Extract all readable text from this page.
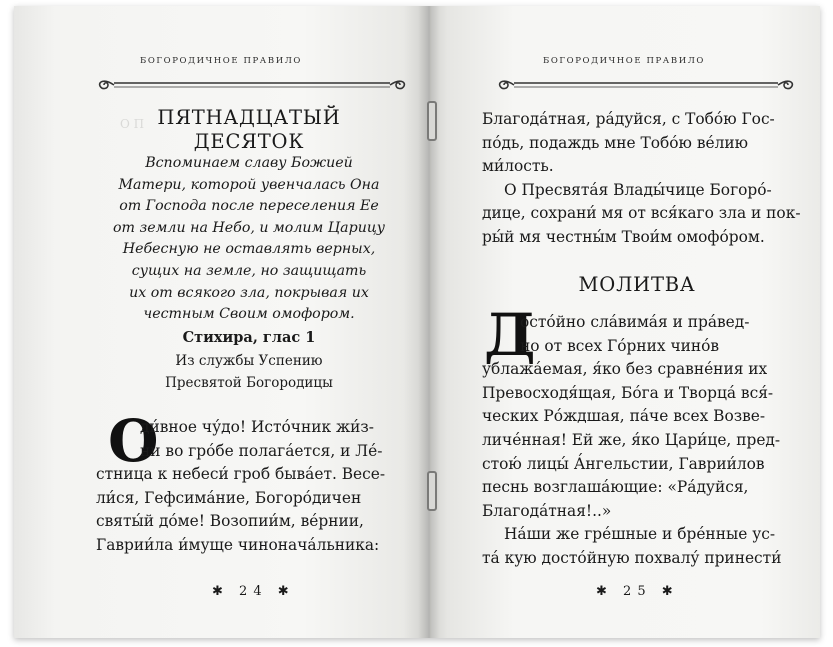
О П
БОГОРОДИЧНОЕ ПРАВИЛО
ПЯТНАДЦАТЫЙ
ДЕСЯТОК
Вспоминаем славу Божией
Матери, которой увенчалась Она
от Господа после переселения Ее
от земли на Небо, и молим Царицу
Небесную не оставлять верных,
сущих на земле, но защищать
их от всякого зла, покрывая их
честным Своим омофором.
Стихира, глас 1
Из службы Успению
Пресвятой Богородицы
О
ди́вное чу́до! Исто́чник жи́з-
ни во гро́бе полага́ется, и Ле́-
стница к небеси́ гроб быва́ет. Весе-
ли́ся, Гефсима́ние, Богоро́дичен
святы́й до́ме! Возопии́м, ве́рнии,
Гаврии́ла и́муще чинонача́льника:
✱ 24 ✱
БОГОРОДИЧНОЕ ПРАВИЛО
Благода́тная, ра́дуйся, с Тобо́ю Гос-
по́дь, подаждь мне Тобо́ю ве́лию
ми́лость.
О Пресвята́я Влады́чице Богоро́-
дице, сохрани́ мя от вся́каго зла и пок-
ры́й мя честны́м Твои́м омофо́ром.
МОЛИТВА
Д
осто́йно сла́вима́я и пра́вед-
но от всех Го́рних чино́в
ублажа́емая, я́ко без сравне́ния их
Превосходя́щая, Бо́га и Творца́ вся́-
ческих Ро́ждшая, па́че всех Возве-
личе́нная! Ей же, я́ко Цари́це, пред-
стою́ лицы́ А́нгельстии, Гаврии́лов
песнь возглаша́ющие: «Ра́дуйся,
Благода́тная!..»
На́ши же гре́шные и бре́нные ус-
та́ кую досто́йную похвалу́ принести́
✱ 25 ✱
